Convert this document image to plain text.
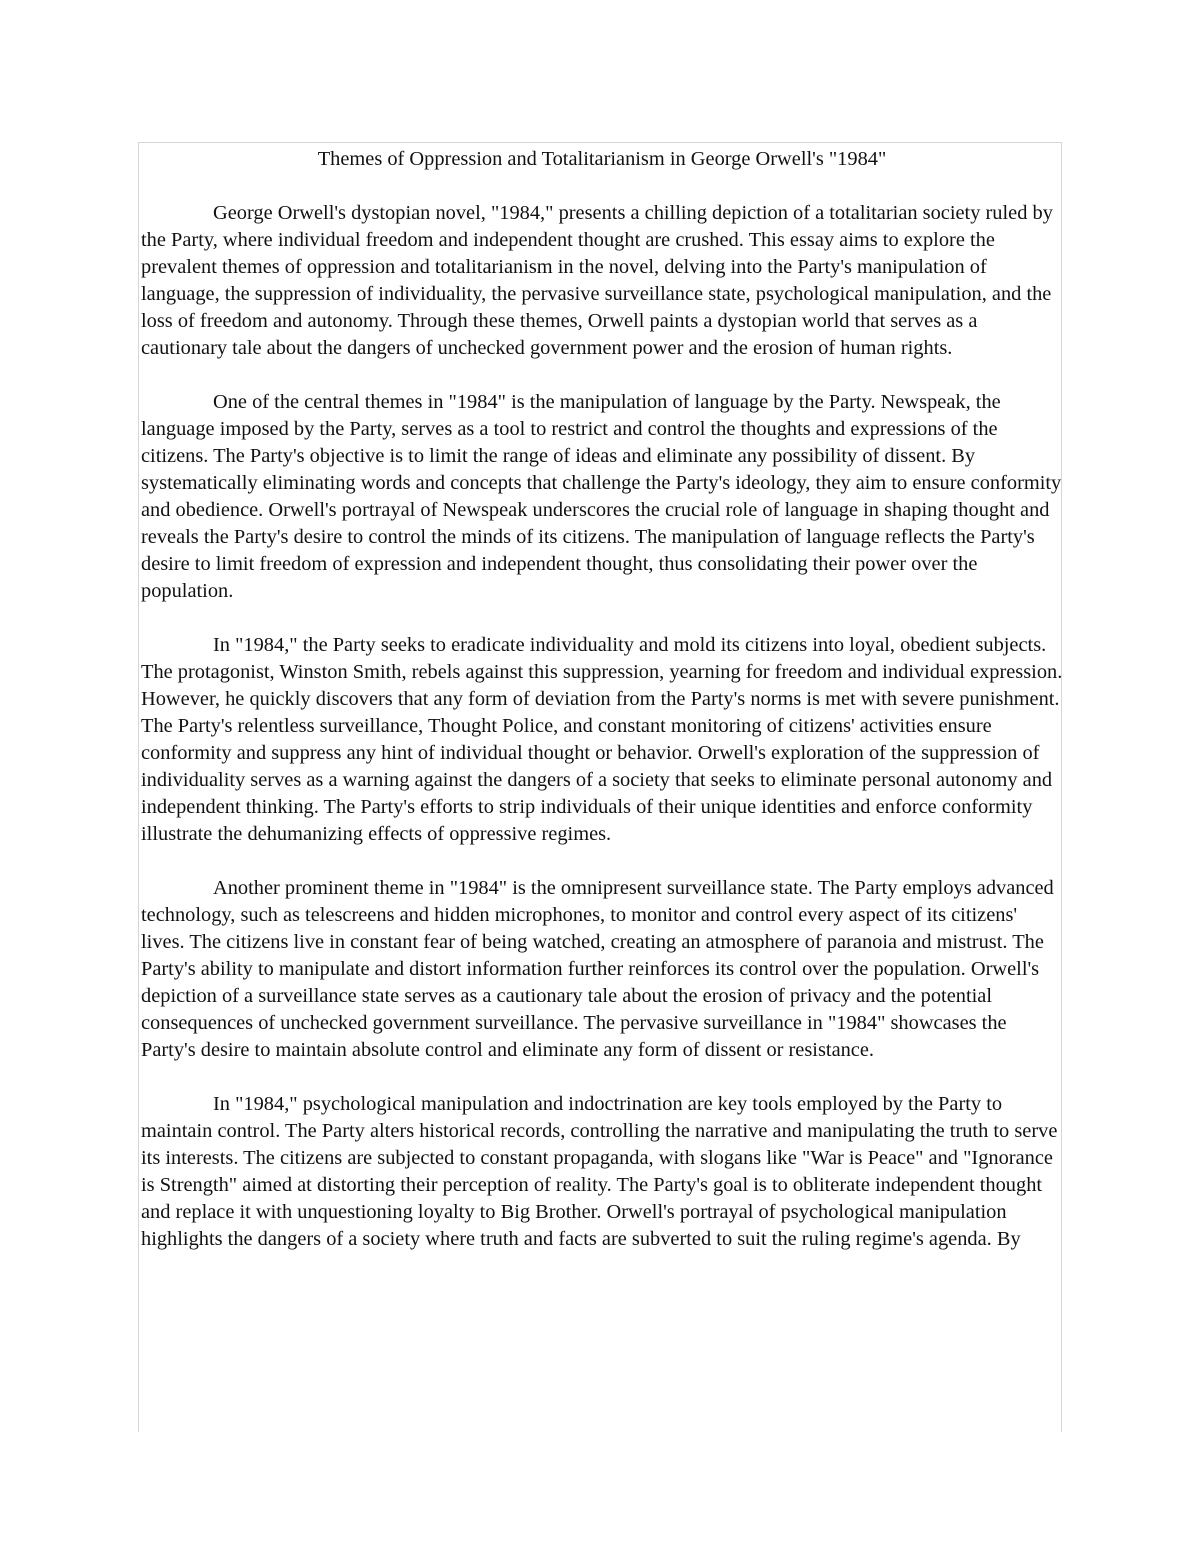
Themes of Oppression and Totalitarianism in George Orwell's "1984"

George Orwell's dystopian novel, "1984," presents a chilling depiction of a totalitarian society ruled by the Party, where individual freedom and independent thought are crushed. This essay aims to explore the prevalent themes of oppression and totalitarianism in the novel, delving into the Party's manipulation of language, the suppression of individuality, the pervasive surveillance state, psychological manipulation, and the loss of freedom and autonomy. Through these themes, Orwell paints a dystopian world that serves as a cautionary tale about the dangers of unchecked government power and the erosion of human rights.

One of the central themes in "1984" is the manipulation of language by the Party. Newspeak, the language imposed by the Party, serves as a tool to restrict and control the thoughts and expressions of the citizens. The Party's objective is to limit the range of ideas and eliminate any possibility of dissent. By systematically eliminating words and concepts that challenge the Party's ideology, they aim to ensure conformity and obedience. Orwell's portrayal of Newspeak underscores the crucial role of language in shaping thought and reveals the Party's desire to control the minds of its citizens. The manipulation of language reflects the Party's desire to limit freedom of expression and independent thought, thus consolidating their power over the population.

In "1984," the Party seeks to eradicate individuality and mold its citizens into loyal, obedient subjects. The protagonist, Winston Smith, rebels against this suppression, yearning for freedom and individual expression. However, he quickly discovers that any form of deviation from the Party's norms is met with severe punishment. The Party's relentless surveillance, Thought Police, and constant monitoring of citizens' activities ensure conformity and suppress any hint of individual thought or behavior. Orwell's exploration of the suppression of individuality serves as a warning against the dangers of a society that seeks to eliminate personal autonomy and independent thinking. The Party's efforts to strip individuals of their unique identities and enforce conformity illustrate the dehumanizing effects of oppressive regimes.

Another prominent theme in "1984" is the omnipresent surveillance state. The Party employs advanced technology, such as telescreens and hidden microphones, to monitor and control every aspect of its citizens' lives. The citizens live in constant fear of being watched, creating an atmosphere of paranoia and mistrust. The Party's ability to manipulate and distort information further reinforces its control over the population. Orwell's depiction of a surveillance state serves as a cautionary tale about the erosion of privacy and the potential consequences of unchecked government surveillance. The pervasive surveillance in "1984" showcases the Party's desire to maintain absolute control and eliminate any form of dissent or resistance.

In "1984," psychological manipulation and indoctrination are key tools employed by the Party to maintain control. The Party alters historical records, controlling the narrative and manipulating the truth to serve its interests. The citizens are subjected to constant propaganda, with slogans like "War is Peace" and "Ignorance is Strength" aimed at distorting their perception of reality. The Party's goal is to obliterate independent thought and replace it with unquestioning loyalty to Big Brother. Orwell's portrayal of psychological manipulation highlights the dangers of a society where truth and facts are subverted to suit the ruling regime's agenda. By
